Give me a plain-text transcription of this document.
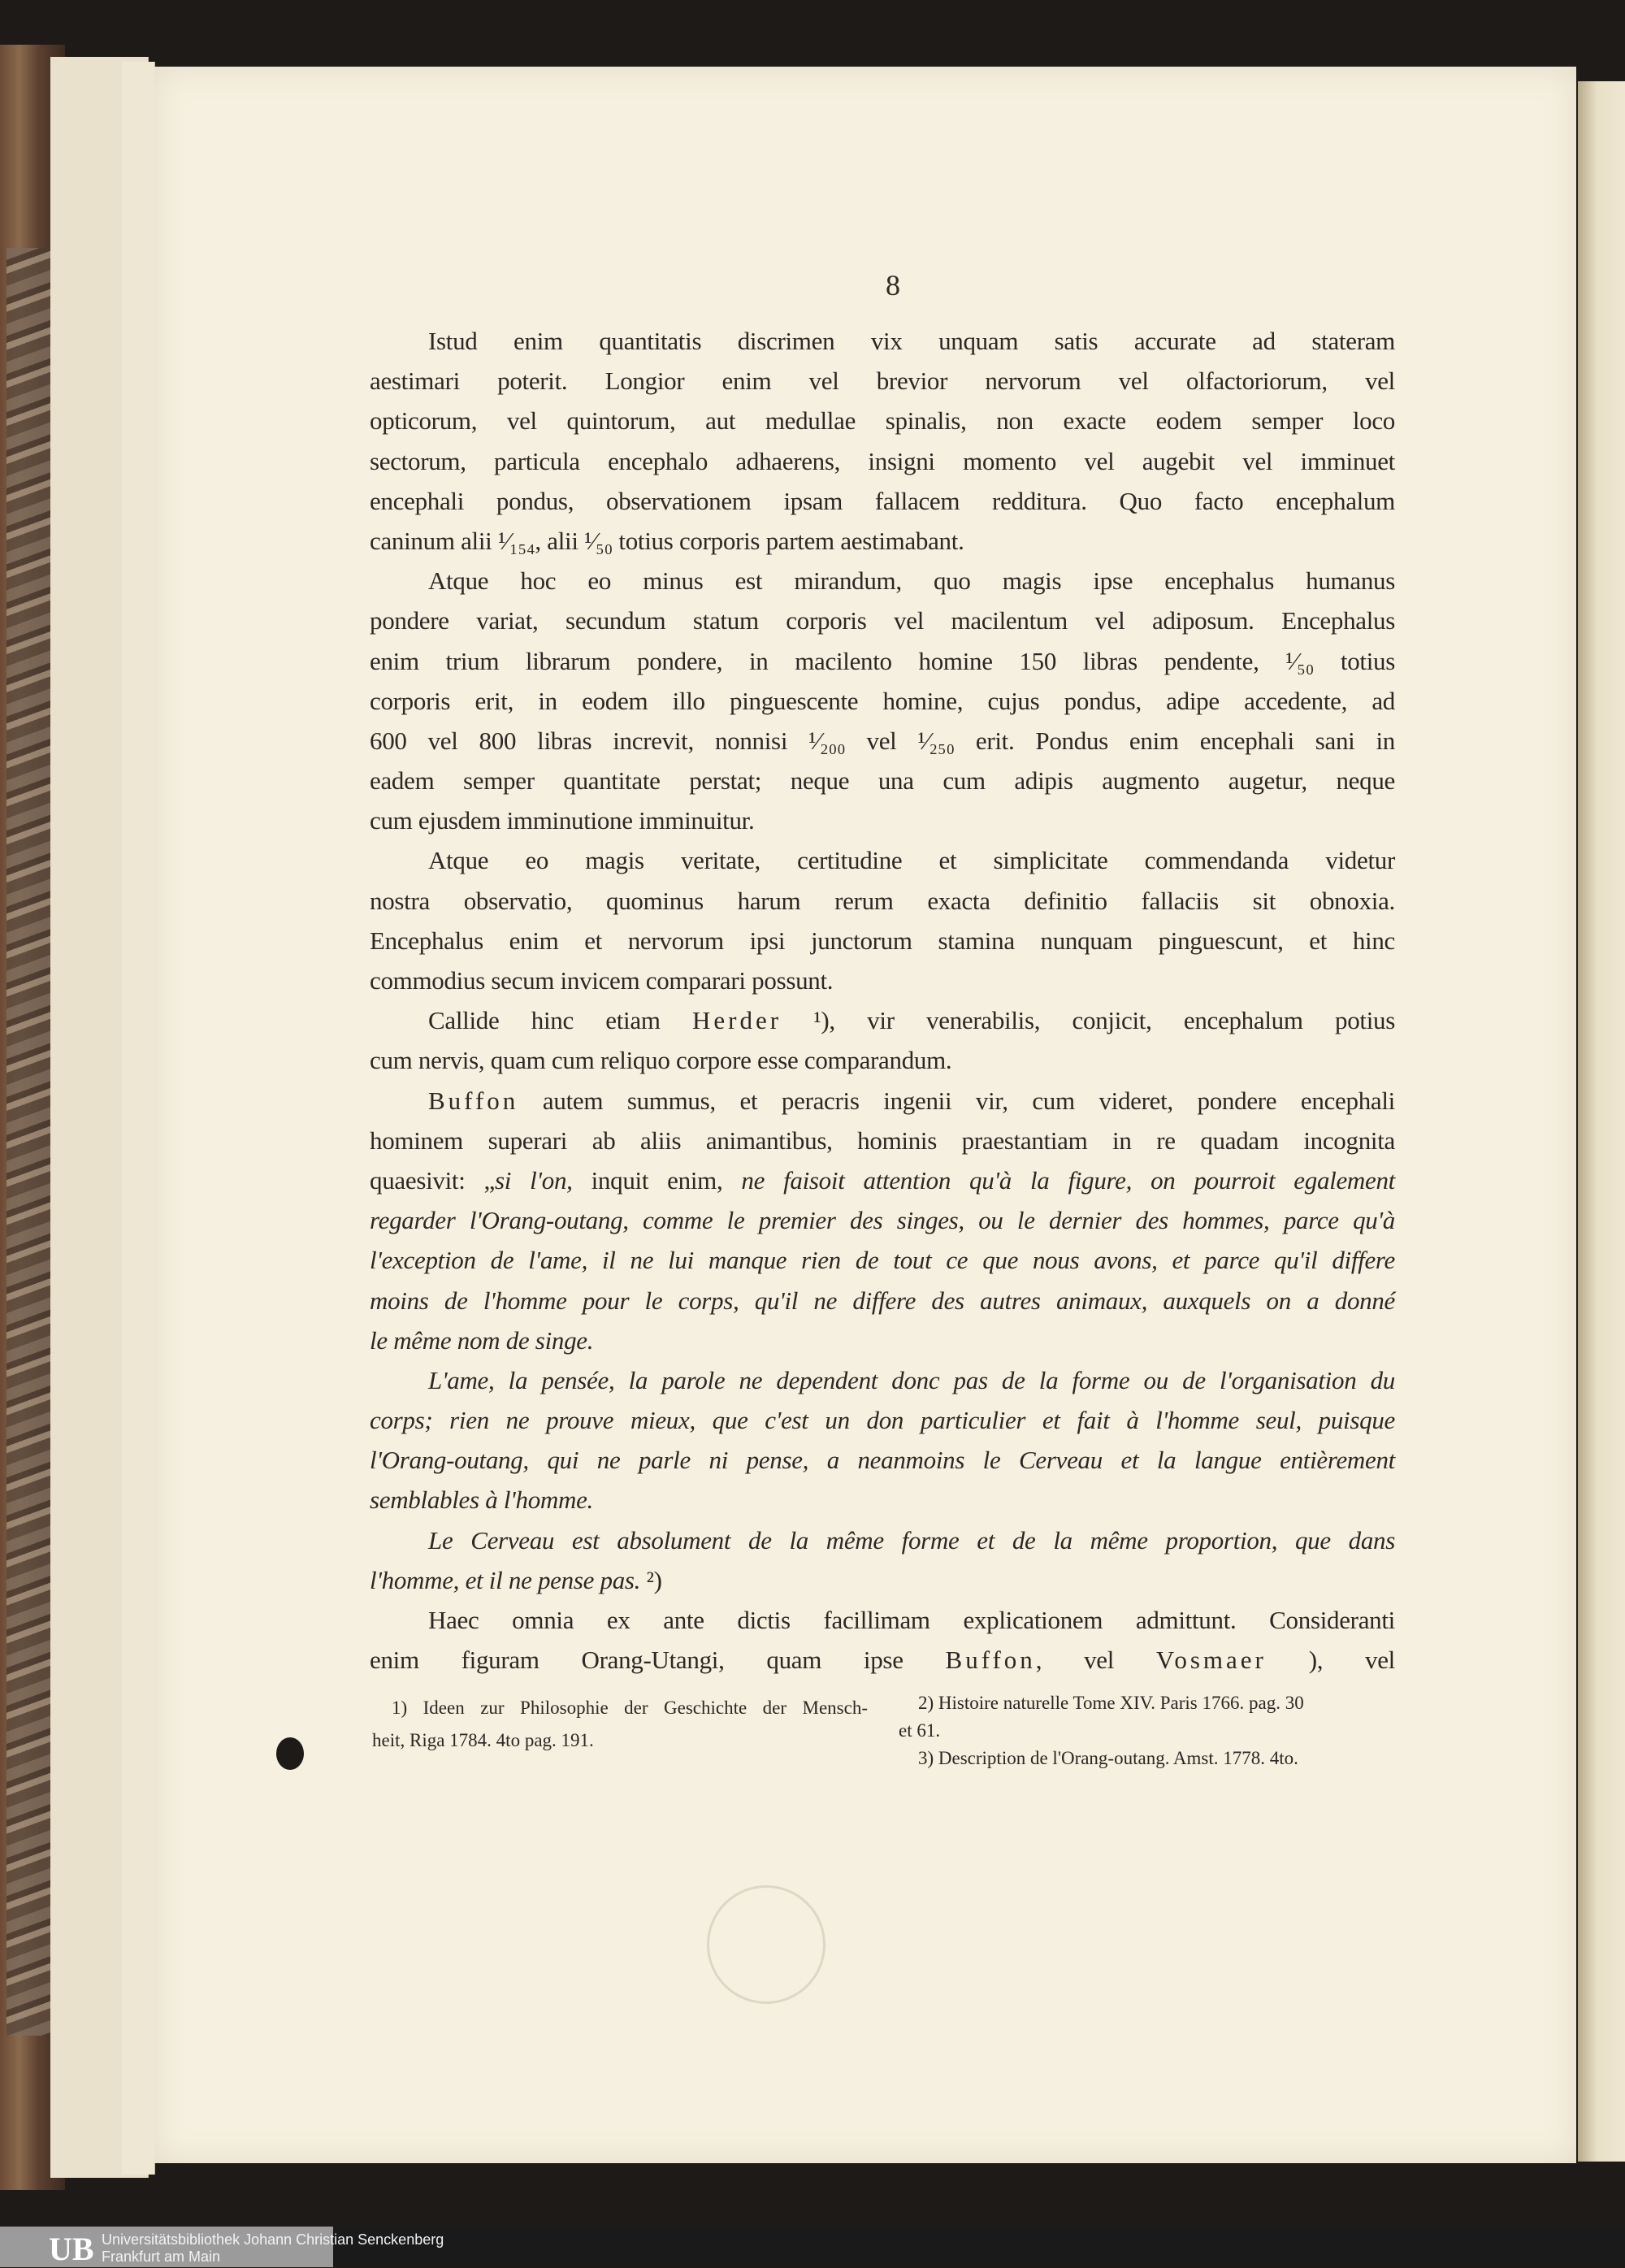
8
Istud enim quantitatis discrimen vix unquam satis accurate ad stateram
aestimari poterit. Longior enim vel brevior nervorum vel olfactoriorum, vel
opticorum, vel quintorum, aut medullae spinalis, non exacte eodem semper loco
sectorum, particula encephalo adhaerens, insigni momento vel augebit vel imminuet
encephali pondus, observationem ipsam fallacem redditura. Quo facto encephalum
caninum alii ¹⁄₁₅₄, alii ¹⁄₅₀ totius corporis partem aestimabant.
Atque hoc eo minus est mirandum, quo magis ipse encephalus humanus
pondere variat, secundum statum corporis vel macilentum vel adiposum. Encephalus
enim trium librarum pondere, in macilento homine 150 libras pendente, ¹⁄₅₀ totius
corporis erit, in eodem illo pinguescente homine, cujus pondus, adipe accedente, ad
600 vel 800 libras increvit, nonnisi ¹⁄₂₀₀ vel ¹⁄₂₅₀ erit. Pondus enim encephali sani in
eadem semper quantitate perstat; neque una cum adipis augmento augetur, neque
cum ejusdem imminutione imminuitur.
Atque eo magis veritate, certitudine et simplicitate commendanda videtur
nostra observatio, quominus harum rerum exacta definitio fallaciis sit obnoxia.
Encephalus enim et nervorum ipsi junctorum stamina nunquam pinguescunt, et hinc
commodius secum invicem comparari possunt.
Callide hinc etiam Herder ¹), vir venerabilis, conjicit, encephalum potius
cum nervis, quam cum reliquo corpore esse comparandum.
Buffon autem summus, et peracris ingenii vir, cum videret, pondere encephali
hominem superari ab aliis animantibus, hominis praestantiam in re quadam incognita
quaesivit: „si l'on, inquit enim, ne faisoit attention qu'à la figure, on pourroit egalement
regarder l'Orang-outang, comme le premier des singes, ou le dernier des hommes, parce qu'à
l'exception de l'ame, il ne lui manque rien de tout ce que nous avons, et parce qu'il differe
moins de l'homme pour le corps, qu'il ne differe des autres animaux, auxquels on a donné
le même nom de singe.
L'ame, la pensée, la parole ne dependent donc pas de la forme ou de l'organisation du
corps; rien ne prouve mieux, que c'est un don particulier et fait à l'homme seul, puisque
l'Orang-outang, qui ne parle ni pense, a neanmoins le Cerveau et la langue entièrement
semblables à l'homme.
Le Cerveau est absolument de la même forme et de la même proportion, que dans
l'homme, et il ne pense pas. ²)
Haec omnia ex ante dictis facillimam explicationem admittunt. Consideranti
enim figuram Orang-Utangi, quam ipse Buffon, vel Vosmaer ), vel
1) Ideen zur Philosophie der Geschichte der Mensch-
heit, Riga 1784. 4to pag. 191.
2) Histoire naturelle Tome XIV. Paris 1766. pag. 30
et 61.
3) Description de l'Orang-outang. Amst. 1778. 4to.
UB Universitätsbibliothek Johann Christian Senckenberg
Frankfurt am Main
